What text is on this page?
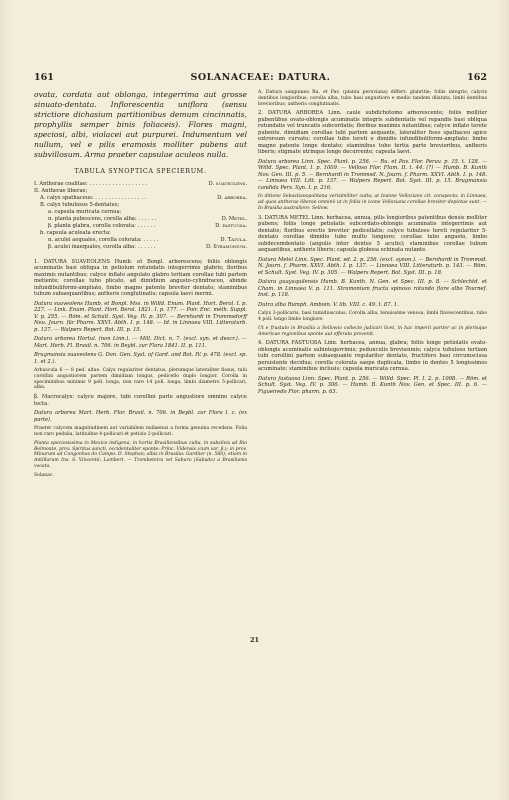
161	SOLANACEAE: DATURA.	162

ovata, cordata aut oblonga, integerrima aut grosse sinuato-dentata. Inflorescentia uniflora (sensu strictiore dichasium partitionibus demum cincinnatis, prophyllis semper binis foliaceis). Flores magni, speciosi, albi, violacei aut purpurei. Indumentum vel nullum, vel e pilis eramosis molliter pubens aut subvillosum. Arma praeter capsulae aculeos nulla.

TABULA SYNOPTICA SPECIERUM.

I. Antherae coalitae: . . . . . . . . . . . . . . . . . .	D. suaveolens.
II. Antherae liberae;
A. calyx spathaceus: . . . . . . . . . . . . . . . .	D. arborea.
B. calyx tubulosus 5-dentatus;
a. capsula muricata cernua:
α. planta pubescens, corolla alba: . . . . . .	D. Metel.
β. planta glabra, corolla colorata: . . . . . .	D. fastuosa.
b. capsula aculeata erecta:
α. aculei aequales, corolla colorata: . . . . .	D. Tatula.
β. aculei inaequales, corolla alba: . . . . . .	D. Stramonium.

1. DATURA SUAVEOLENS Humb. et Bonpl. arborescens; foliis oblongis acuminatis basi obliqua in petiolum rotundatis integerrimis glabris; floribus maximis nutantibus; calyce inflato angulato glabro tertiam corollae tubi partem metiente; corollae tubo plicato, ad dimidium angusto-cylindraceo, abinde infundibuliformi-ampliato, limbo magno patente breviter dentato; staminibus tubum subaequantibus; antheris conglutinatis; capsula laevi inermi.

Datura suaveolens Humb. et Bonpl. Mss. in Willd. Enum. Plant. Hort. Berol. I. p. 227. — Link. Enum. Plant. Hort. Berol. 1821. I. p. 177. — Poir. Enc. méth. Suppl. V. p. 255. — Röm. et Schult. Syst. Veg. IV. p. 307. — Bernhardi in Trommsdorff Neu. Journ. für Pharm. XXVI. Abth. I. p. 148. — Id. in Linnaea VIII. Litteraturb. p. 137. — Walpers Repert. Bot. III. p. 15.

Datura arborea Hortul. (non Linn.). — Mill. Dict. n. 7. (excl. syn. et descr.). — Mart. Herb. Fl. Brasil. n. 706. in Beybl. zur Flora 1841. II. p. 111.

Brugmansia suaveolens G. Don. Gen. Syst. of Gard. and Bot. IV. p. 478. (excl. sp. 1. et 2.).

Arbuscula 6 — 8 ped. altae. Calyx regulariter dentatus, plerumque lateraliter fissus, tubi corollini angustiorem partem dimidiam longus, pedicello duplo longior. Corolla in speciminibus minimis 9 poll. longa, non rare 14 poll. longa, limbi diametro 5-pollicari, alba.

β. Macrocalyx: calyce majore, tubi corollini parte angustiore omnino calyce tecta.

Datura arborea Mart. Herb. Flor. Brasil. n. 706. in Beybl. zur Flora l. c. (ex parte).

Praeter calycem magnitudinem aut variabilem nullaenus a forma genuina recedens. Folia non raro pedalia, latitudine 4-pollicari et petiolo 2-pollicari.

Planta speciosissima in Mexico indigena, in hortis Brasiliensibus culta, in subsilvis ad Rio Belmonte, prov. Spiritus sancti, occidentaliter sponte: Princ. Vidensis (cum var. β.); in prov. Minarum ad Congonhas do Campo: D. Stephan; albis in Brasilia: Gardner (n. 560); etiam in Antillarum Ins. S. Vincentii: Lambert. — Trombeteira vel Saburo (Sabudo) a Brasilianis vocata.

Solanac.

A. Datura sanguinea Ru. et Pav. (planta peruviana) differt: glabritie; foliis integris; calycis dentibus longioribus; corolla alba, tubo basi angustiore e medio tandem dilatata, limbi dentibus brevioribus; antheris conglutinatis.

2. DATURA ARBOREA Linn. caule subdichotomo arborescente; foliis molliter pubentibus ovato-oblongis acuminatis integris subdentatis vel repandis basi obliqua rotundatis vel truncatis subcordatis; floribus maximis nutantibus; calyce inflato terete pubente. dimidiam corollae tubi partem aequante, lateraliter fisso spathaceo apice extrorsum curvato; corollae tubo tereti e dimidio infundibuliformi-ampliato; limbo magno patente longe dentato; staminibus tubo tertia parte brevioribus, antheris liberis; stigmate utrinque longe decurrente; capsula laevi.

Datura arborea Linn. Spec. Plant. p. 256. — Ru. et Pav. Flor. Peruv. p. 15. t. 128. — Willd. Spec. Plant. I. p. 1009. — Velloso Flor. Flum. II. t. 44. (?) — Humb. B. Kunth Nov. Gen. III. p. 5. — Bernhardi in Trommsd. N. Journ. f. Pharm. XXVI. Abth. I. p. 148. — Linnaea VIII. Litt. p. 137. — Walpers Repert. Bot. Syst. III. p. 15. Brugmansia candida Pers. Syn. I. p. 216.

In ditione Sebastianopolitana verisimiliter culta; at Ioanne Velloziano cit. conspecta: in Linnaea, ad quos antherae liberae omninò ut in foliis in icone Velloziana corollae breviter depictae sunt. — In Brasilia australiore: Sellow.

3. DATURA METEL Linn. herbacea, annua, pilis longioribus patentibus densis molliter pubens; foliis longe petiolatis subcordato-oblongis acuminatis integerrimis aut dentatis; floribus erectis breviter pedicellatis; calyce tubuloso tereti regulariter 5-dentato corollae dimidio tubo multo longiore; corollae tubo angusto, limbo subdecemdentato (angulis inter dentes 5 acutis); staminibus corollae tubum aequantibus, antheris liberis; capsula globosa echinata nutante.

Datura Metel Linn. Spec. Plant. ed. 2. p. 256. (excl. synon.). — Bernhardi in Trommsd. N. Journ. f. Pharm. XXVI. Abth. I. p. 137. — Linnaea VIII. Litteraturb. p. 143. — Röm. et Schult. Syst. Veg. IV. p. 305. — Walpers Repert. Bot. Syst. III. p. 18.

Datura guayaquilensis Humb. B. Kunth. N. Gen. et Spec. III. p. 8. — Schlechtd. et Cham. in Linnaea V. p. 111. Stramonium fructu spinoso rotundo flore albo Tournef. Inst. p. 118.

Dutra alba Rumph. Amboin. V. lib. VIII. c. 49. t. 87. 1.

Calyx 3-pollicaris, basi tumidiusculus. Corolla alba, tenuissime venosa, limbi flavescentibus, tubo 4 poll. longo limbo longiore.

Ut e frustulo in Brasilia a Sellowio collecto judicari licet, in hac imperii pariter ac in plerisque Americae regionibus sponte aut efferata provenit.

4. DATURA FASTUOSA Linn. herbacea, annua, glabra; foliis longe petiolatis ovato-oblongis acuminatis subintegerrimis; pedunculis brevissimis; calyce tubuloso tertiam tubi corollini partem subaequante regulariter dentato, fructifero basi circumscissa persistente decidua; corolla colorata saepe duplicata, limbo in dentes 5 longissimos acuminato; staminibus inclusis; capsula muricata cernua.

Datura fastuosa Linn. Spec. Plant. p. 256. — Willd. Spec. Pl. I. 2. p. 1008. — Röm. et Schult. Syst. Veg. IV. p. 306. — Humb. B. Kunth Nov. Gen. et Spec. III. p. 6. — Figueiredo Flor. pharm. p. 63.

21
